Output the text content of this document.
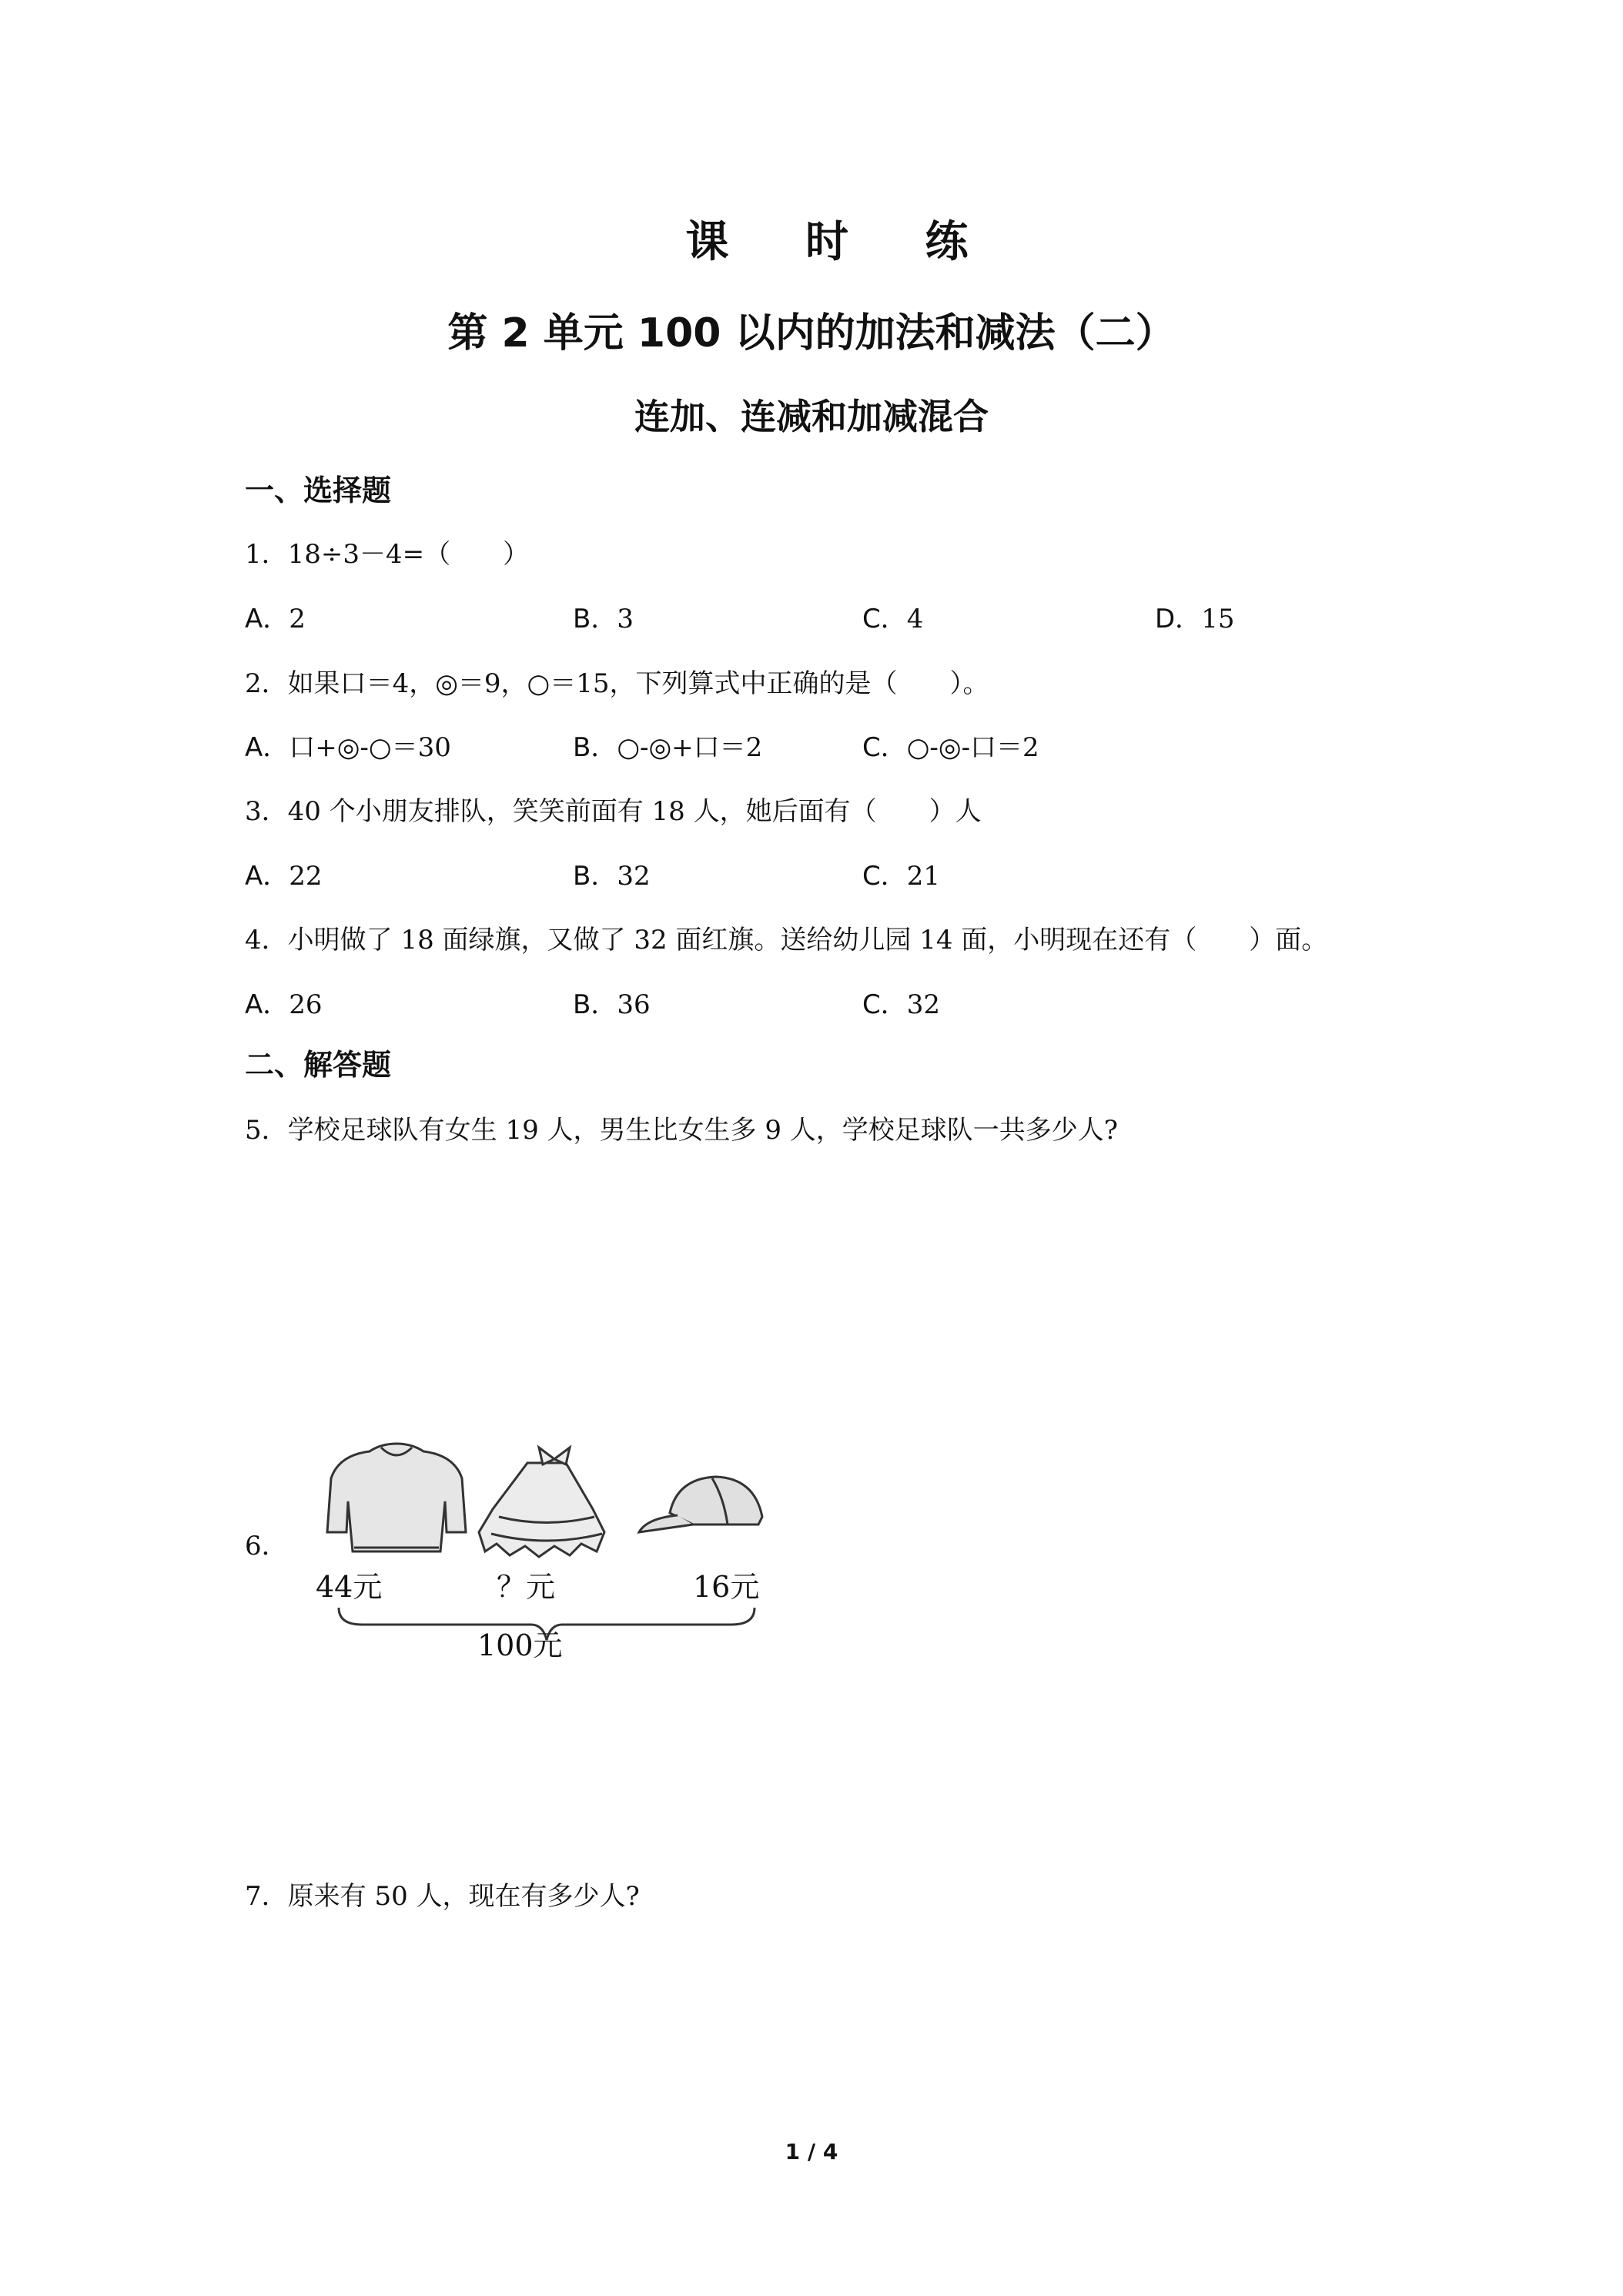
课 时 练
第 2 单元 100 以内的加法和减法（二）
连加、连减和加减混合
一、选择题
1．18÷3－4=（　　）
A．2	B．3	C．4	D．15
2．如果口＝4，◎＝9，○＝15，下列算式中正确的是（　　）。
A．口+◎-○＝30	B．○-◎+口＝2	C．○-◎-口＝2
3．40 个小朋友排队，笑笑前面有 18 人，她后面有（　　）人
A．22	B．32	C．21
4．小明做了 18 面绿旗，又做了 32 面红旗。送给幼儿园 14 面，小明现在还有（　　）面。
A．26	B．36	C．32
二、解答题
5．学校足球队有女生 19 人，男生比女生多 9 人，学校足球队一共多少人?
6．
44元	？元	16元
100元
7．原来有 50 人，现在有多少人?
1 / 4
